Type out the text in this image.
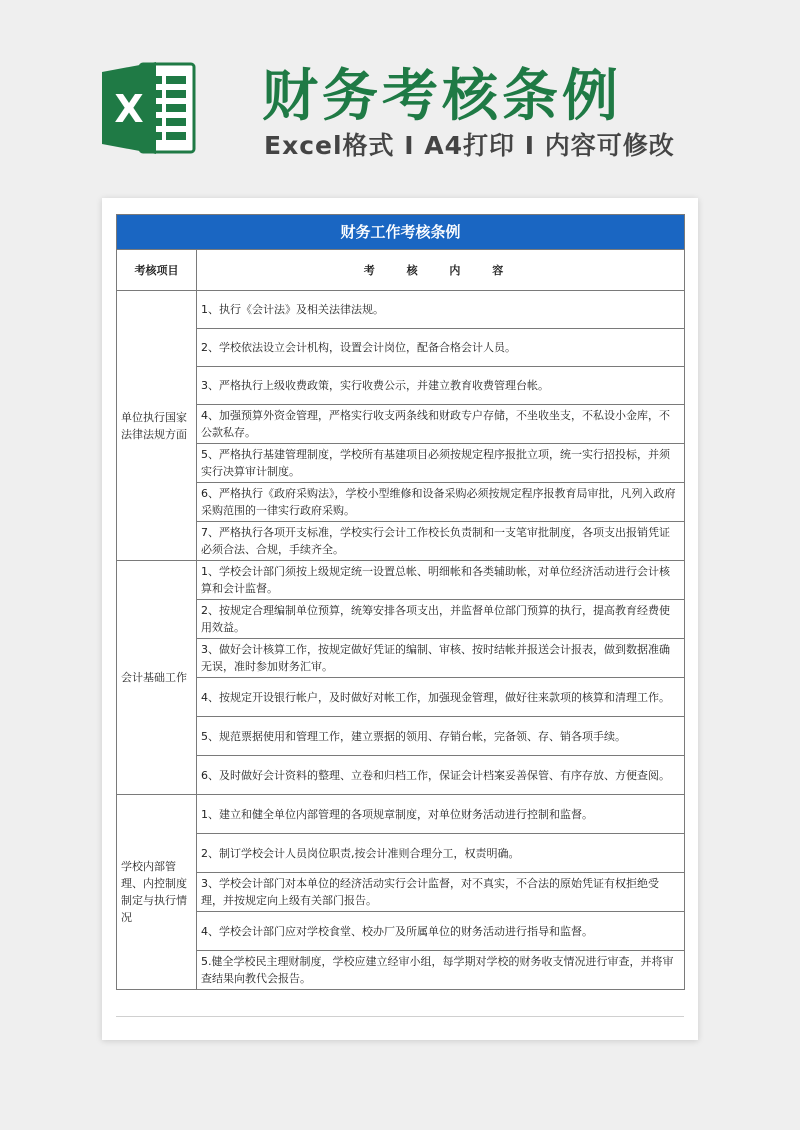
X 财务考核条例
Excel格式 I A4打印 I 内容可修改
财务工作考核条例	
考核项目	考 核 内 容
单位执行国家法律法规方面	1、执行《会计法》及相关法律法规。
	2、学校依法设立会计机构，设置会计岗位，配备合格会计人员。
	3、严格执行上级收费政策，实行收费公示，并建立教育收费管理台帐。
	4、加强预算外资金管理，严格实行收支两条线和财政专户存储，不坐收坐支，不私设小金库，不公款私存。
	5、严格执行基建管理制度，学校所有基建项目必须按规定程序报批立项，统一实行招投标，并须实行决算审计制度。
	6、严格执行《政府采购法》，学校小型维修和设备采购必须按规定程序报教育局审批，凡列入政府采购范围的一律实行政府采购。
	7、严格执行各项开支标准，学校实行会计工作校长负责制和一支笔审批制度，各项支出报销凭证必须合法、合规，手续齐全。
会计基础工作	1、学校会计部门须按上级规定统一设置总帐、明细帐和各类辅助帐，对单位经济活动进行会计核算和会计监督。
	2、按规定合理编制单位预算，统筹安排各项支出，并监督单位部门预算的执行，提高教育经费使用效益。
	3、做好会计核算工作，按规定做好凭证的编制、审核、按时结帐并报送会计报表，做到数据准确无误，准时参加财务汇审。
	4、按规定开设银行帐户，及时做好对帐工作，加强现金管理，做好往来款项的核算和清理工作。
	5、规范票据使用和管理工作，建立票据的领用、存销台帐，完备领、存、销各项手续。
	6、及时做好会计资料的整理、立卷和归档工作，保证会计档案妥善保管、有序存放、方便查阅。
学校内部管理、内控制度制定与执行情况	1、建立和健全单位内部管理的各项规章制度，对单位财务活动进行控制和监督。
	2、制订学校会计人员岗位职责,按会计准则合理分工，权责明确。
	3、学校会计部门对本单位的经济活动实行会计监督，对不真实，不合法的原始凭证有权拒绝受理，并按规定向上级有关部门报告。
	4、学校会计部门应对学校食堂、校办厂及所属单位的财务活动进行指导和监督。
	5.健全学校民主理财制度，学校应建立经审小组，每学期对学校的财务收支情况进行审查，并将审查结果向教代会报告。
